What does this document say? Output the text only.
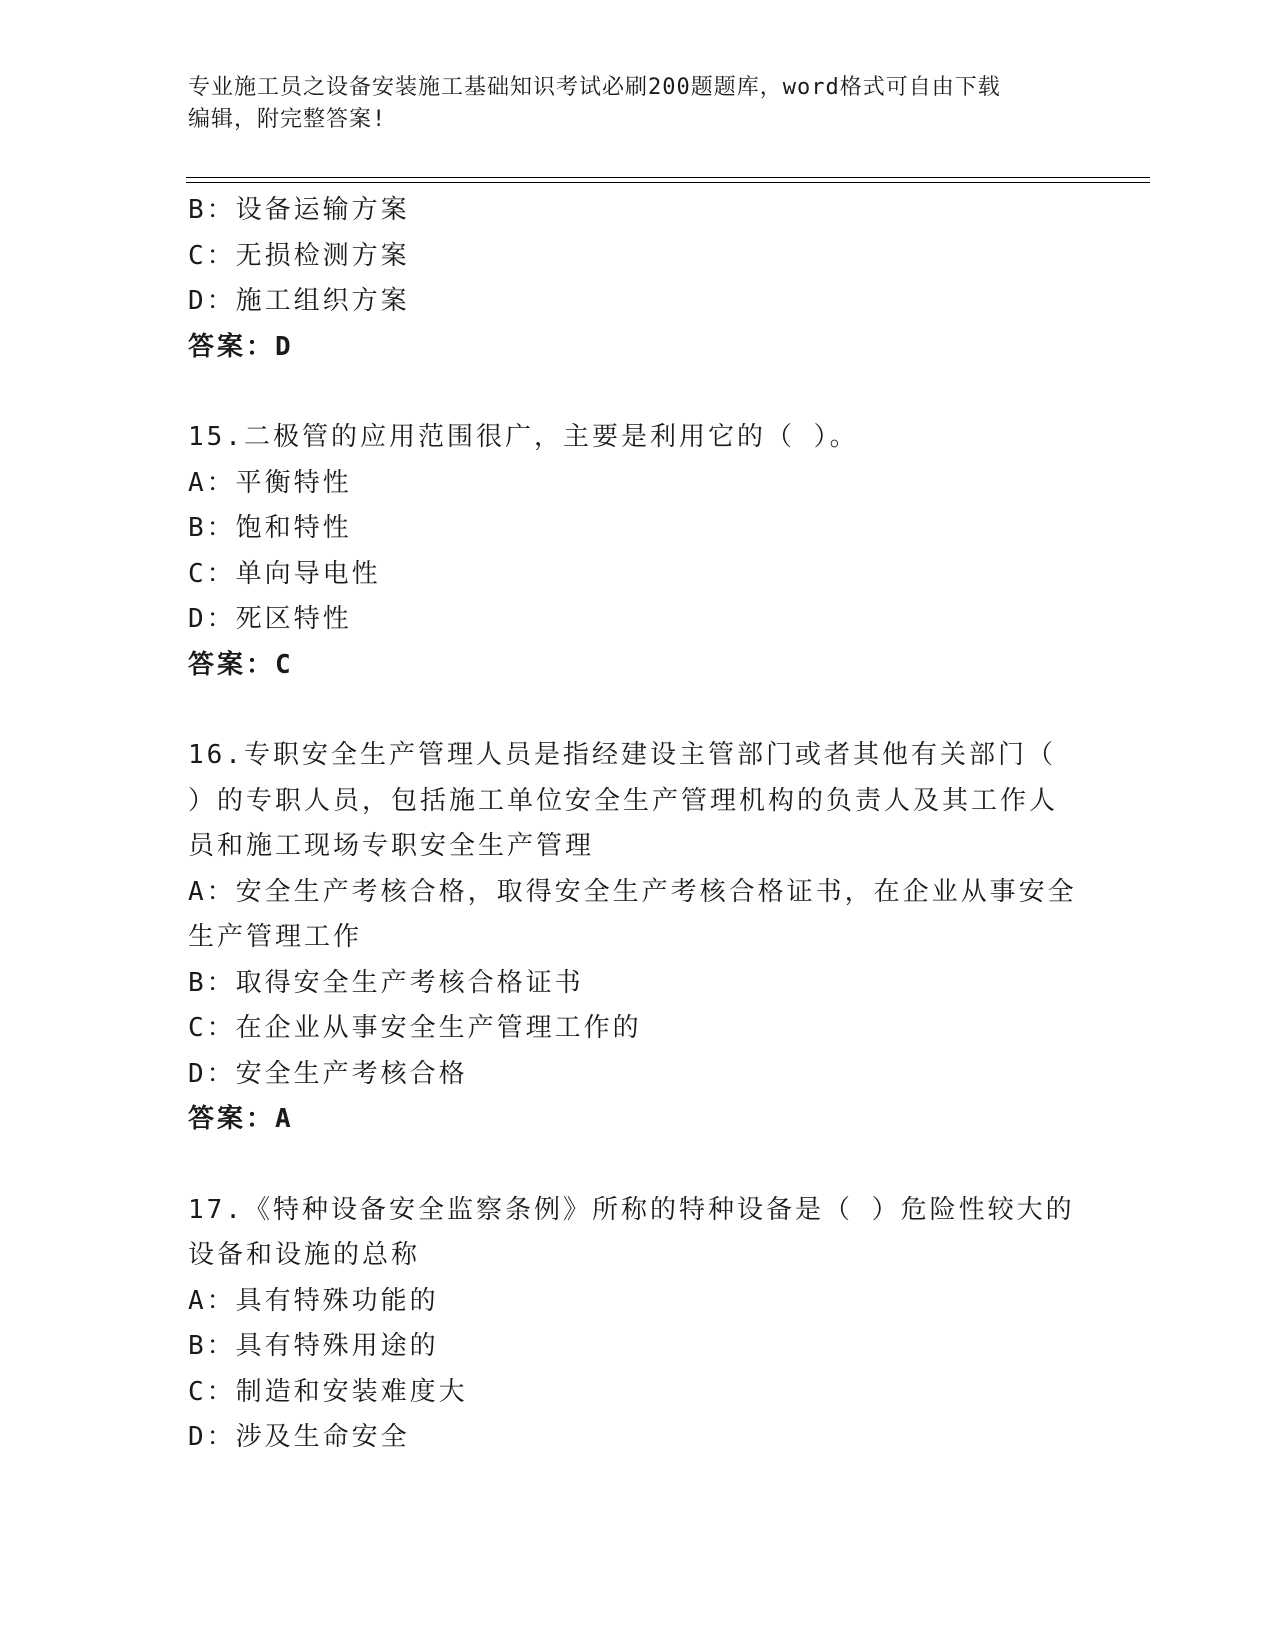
专业施工员之设备安装施工基础知识考试必刷200题题库，word格式可自由下载
编辑，附完整答案!
B：设备运输方案
C：无损检测方案
D：施工组织方案
答案：D
15.二极管的应用范围很广，主要是利用它的（ ）。
A：平衡特性
B：饱和特性
C：单向导电性
D：死区特性
答案：C
16.专职安全生产管理人员是指经建设主管部门或者其他有关部门（
）的专职人员，包括施工单位安全生产管理机构的负责人及其工作人
员和施工现场专职安全生产管理
A：安全生产考核合格，取得安全生产考核合格证书，在企业从事安全
生产管理工作
B：取得安全生产考核合格证书
C：在企业从事安全生产管理工作的
D：安全生产考核合格
答案：A
17.《特种设备安全监察条例》所称的特种设备是（ ）危险性较大的
设备和设施的总称
A：具有特殊功能的
B：具有特殊用途的
C：制造和安装难度大
D：涉及生命安全
